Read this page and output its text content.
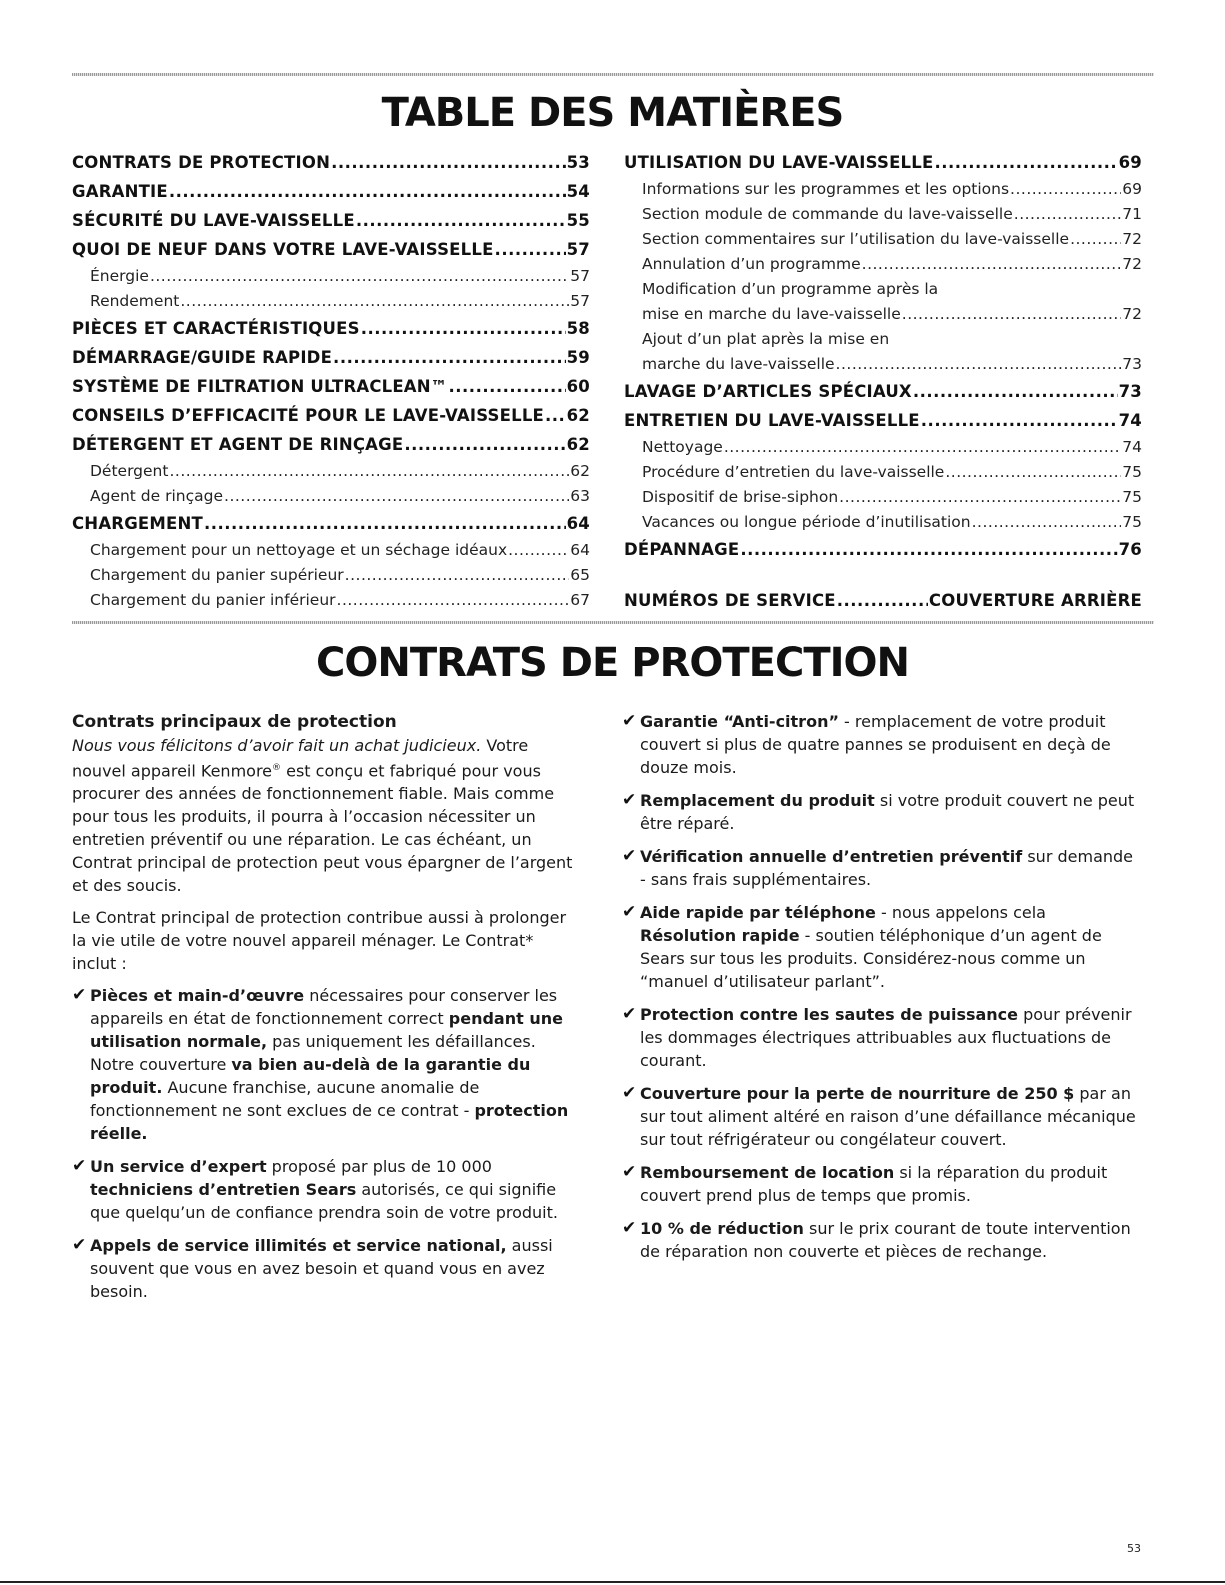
TABLE DES MATIÈRES
CONTRATS DE PROTECTION .....	53
GARANTIE .....	54
SÉCURITÉ DU LAVE-VAISSELLE .....	55
QUOI DE NEUF DANS VOTRE LAVE-VAISSELLE .....	57
Énergie .....	57
Rendement .....	57
PIÈCES ET CARACTÉRISTIQUES .....	58
DÉMARRAGE/GUIDE RAPIDE .....	59
SYSTÈME DE FILTRATION ULTRACLEAN™ .....	60
CONSEILS D’EFFICACITÉ POUR LE LAVE-VAISSELLE ..... 62
DÉTERGENT ET AGENT DE RINÇAGE .....	62
Détergent .....	62
Agent de rinçage .....	63
CHARGEMENT .....	64
Chargement pour un nettoyage et un séchage idéaux .....	64
Chargement du panier supérieur .....	65
Chargement du panier inférieur .....	67
UTILISATION DU LAVE-VAISSELLE .....	69
Informations sur les programmes et les options .....	69
Section module de commande du lave-vaisselle .....	71
Section commentaires sur l’utilisation du lave-vaisselle .....	72
Annulation d’un programme .....	72
Modification d’un programme après la
mise en marche du lave-vaisselle .....	72
Ajout d’un plat après la mise en
marche du lave-vaisselle .....	73
LAVAGE D’ARTICLES SPÉCIAUX .....	73
ENTRETIEN DU LAVE-VAISSELLE .....	74
Nettoyage .....	74
Procédure d’entretien du lave-vaisselle .....	75
Dispositif de brise-siphon .....	75
Vacances ou longue période d’inutilisation .....	75
DÉPANNAGE .....	76
NUMÉROS DE SERVICE .....	COUVERTURE ARRIÈRE
CONTRATS DE PROTECTION
Contrats principaux de protection

Nous vous félicitons d’avoir fait un achat judicieux. Votre nouvel appareil Kenmore® est conçu et fabriqué pour vous procurer des années de fonctionnement fiable. Mais comme pour tous les produits, il pourra à l’occasion nécessiter un entretien préventif ou une réparation. Le cas échéant, un Contrat principal de protection peut vous épargner de l’argent et des soucis.

Le Contrat principal de protection contribue aussi à prolonger la vie utile de votre nouvel appareil ménager. Le Contrat* inclut :

✔ Pièces et main-d’œuvre nécessaires pour conserver les appareils en état de fonctionnement correct pendant une utilisation normale, pas uniquement les défaillances. Notre couverture va bien au-delà de la garantie du produit. Aucune franchise, aucune anomalie de fonctionnement ne sont exclues de ce contrat - protection réelle.
✔ Un service d’expert proposé par plus de 10 000 techniciens d’entretien Sears autorisés, ce qui signifie que quelqu’un de confiance prendra soin de votre produit.
✔ Appels de service illimités et service national, aussi souvent que vous en avez besoin et quand vous en avez besoin.
✔ Garantie “Anti-citron” - remplacement de votre produit couvert si plus de quatre pannes se produisent en deçà de douze mois.
✔ Remplacement du produit si votre produit couvert ne peut être réparé.
✔ Vérification annuelle d’entretien préventif sur demande - sans frais supplémentaires.
✔ Aide rapide par téléphone - nous appelons cela Résolution rapide - soutien téléphonique d’un agent de Sears sur tous les produits. Considérez-nous comme un “manuel d’utilisateur parlant”.
✔ Protection contre les sautes de puissance pour prévenir les dommages électriques attribuables aux fluctuations de courant.
✔ Couverture pour la perte de nourriture de 250 $ par an sur tout aliment altéré en raison d’une défaillance mécanique sur tout réfrigérateur ou congélateur couvert.
✔ Remboursement de location si la réparation du produit couvert prend plus de temps que promis.
✔ 10 % de réduction sur le prix courant de toute intervention de réparation non couverte et pièces de rechange.
53
